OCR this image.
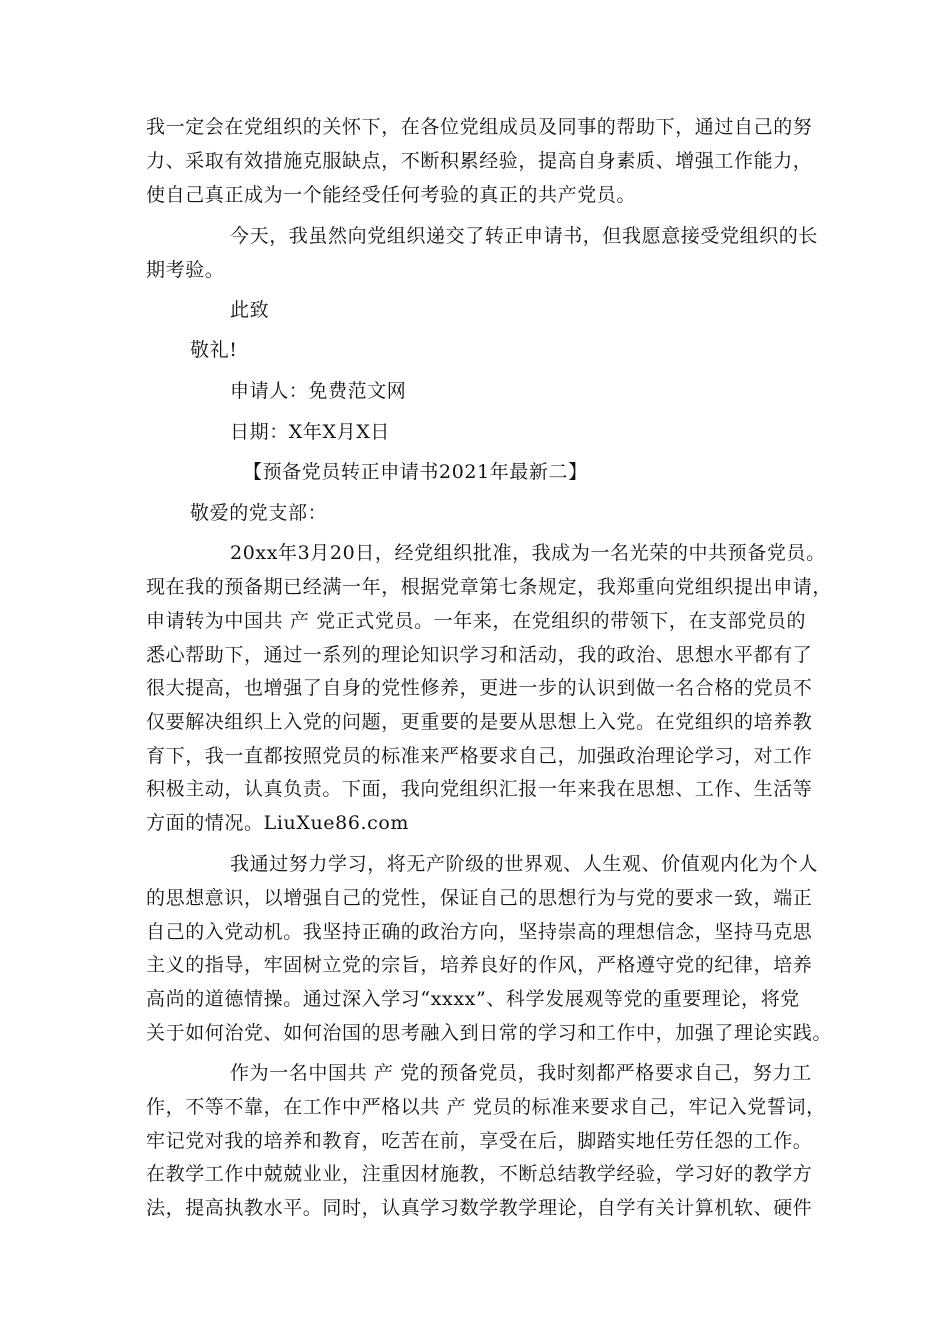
我一定会在党组织的关怀下，在各位党组成员及同事的帮助下，通过自己的努
力、采取有效措施克服缺点，不断积累经验，提高自身素质、增强工作能力，
使自己真正成为一个能经受任何考验的真正的共产党员。
今天，我虽然向党组织递交了转正申请书，但我愿意接受党组织的长
期考验。
此致
敬礼!
申请人：免费范文网
日期：X年X月X日
【预备党员转正申请书2021年最新二】
敬爱的党支部：
20xx年3月20日，经党组织批准，我成为一名光荣的中共预备党员。
现在我的预备期已经满一年，根据党章第七条规定，我郑重向党组织提出申请，
申请转为中国共 产 党正式党员。一年来，在党组织的带领下，在支部党员的
悉心帮助下，通过一系列的理论知识学习和活动，我的政治、思想水平都有了
很大提高，也增强了自身的党性修养，更进一步的认识到做一名合格的党员不
仅要解决组织上入党的问题，更重要的是要从思想上入党。在党组织的培养教
育下，我一直都按照党员的标准来严格要求自己，加强政治理论学习，对工作
积极主动，认真负责。下面，我向党组织汇报一年来我在思想、工作、生活等
方面的情况。LiuXue86.com
我通过努力学习，将无产阶级的世界观、人生观、价值观内化为个人
的思想意识，以增强自己的党性，保证自己的思想行为与党的要求一致，端正
自己的入党动机。我坚持正确的政治方向，坚持崇高的理想信念，坚持马克思
主义的指导，牢固树立党的宗旨，培养良好的作风，严格遵守党的纪律，培养
高尚的道德情操。通过深入学习“xxxx”、科学发展观等党的重要理论，将党
关于如何治党、如何治国的思考融入到日常的学习和工作中，加强了理论实践。
作为一名中国共 产 党的预备党员，我时刻都严格要求自己，努力工
作，不等不靠，在工作中严格以共 产 党员的标准来要求自己，牢记入党誓词，
牢记党对我的培养和教育，吃苦在前，享受在后，脚踏实地任劳任怨的工作。
在教学工作中兢兢业业，注重因材施教，不断总结教学经验，学习好的教学方
法，提高执教水平。同时，认真学习数学教学理论，自学有关计算机软、硬件
